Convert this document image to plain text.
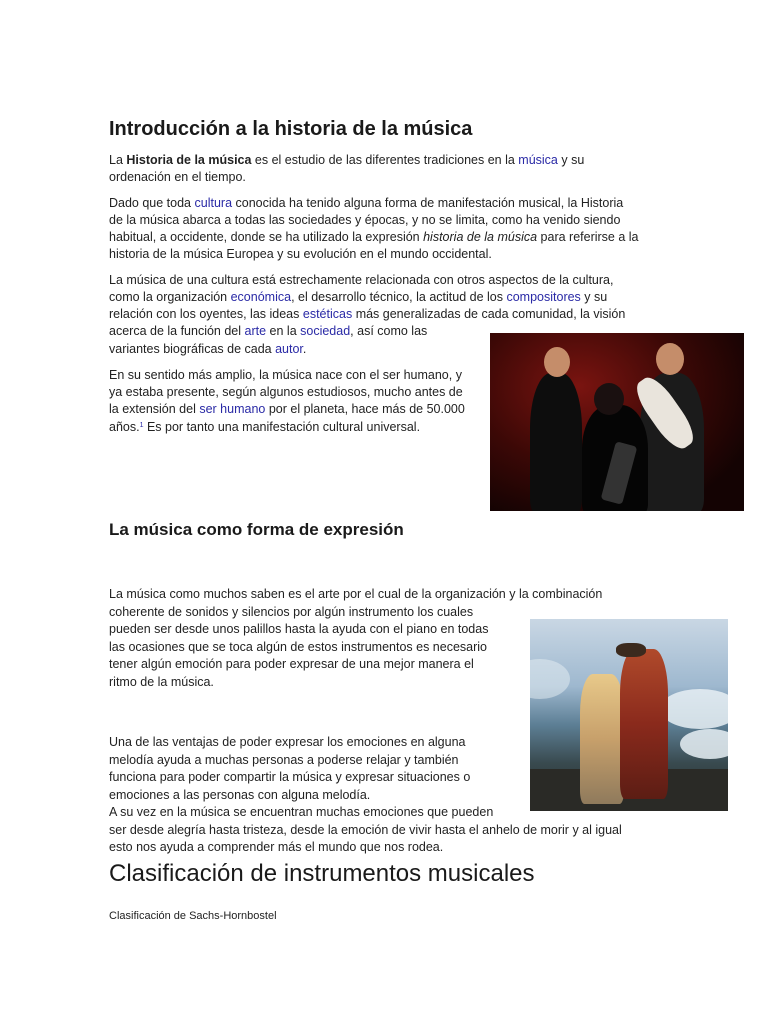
Introducción a la historia de la música

La Historia de la música es el estudio de las diferentes tradiciones en la música y su

ordenación en el tiempo.

Dado que toda cultura conocida ha tenido alguna forma de manifestación musical, la Historia

de la música abarca a todas las sociedades y épocas, y no se limita, como ha venido siendo

habitual, a occidente, donde se ha utilizado la expresión historia de la música para referirse a la

historia de la música Europea y su evolución en el mundo occidental.

La música de una cultura está estrechamente relacionada con otros aspectos de la cultura,

como la organización económica, el desarrollo técnico, la actitud de los compositores y su

relación con los oyentes, las ideas estéticas más generalizadas de cada comunidad, la visión

acerca de la función del arte en la sociedad, así como las

variantes biográficas de cada autor.

En su sentido más amplio, la música nace con el ser humano, y

ya estaba presente, según algunos estudiosos, mucho antes de

la extensión del ser humano por el planeta, hace más de 50.000

años.$^1$ Es por tanto una manifestación cultural universal.

La música como forma de expresión

La música como muchos saben es el arte por el cual de la organización y la combinación

coherente de sonidos y silencios por algún instrumento los cuales

pueden ser desde unos palillos hasta la ayuda con el piano en todas

las ocasiones que se toca algún de estos instrumentos es necesario

tener algún emoción para poder expresar de una mejor manera el

ritmo de la música.

Una de las ventajas de poder expresar los emociones en alguna

melodía ayuda a muchas personas a poderse relajar y también

funciona para poder compartir la música y expresar situaciones o

emociones a las personas con alguna melodía.

A su vez en la música se encuentran muchas emociones que pueden

ser desde alegría hasta tristeza, desde la emoción de vivir hasta el anhelo de morir y al igual

esto nos ayuda a comprender más el mundo que nos rodea.

Clasificación de instrumentos musicales

Clasificación de Sachs-Hornbostel
